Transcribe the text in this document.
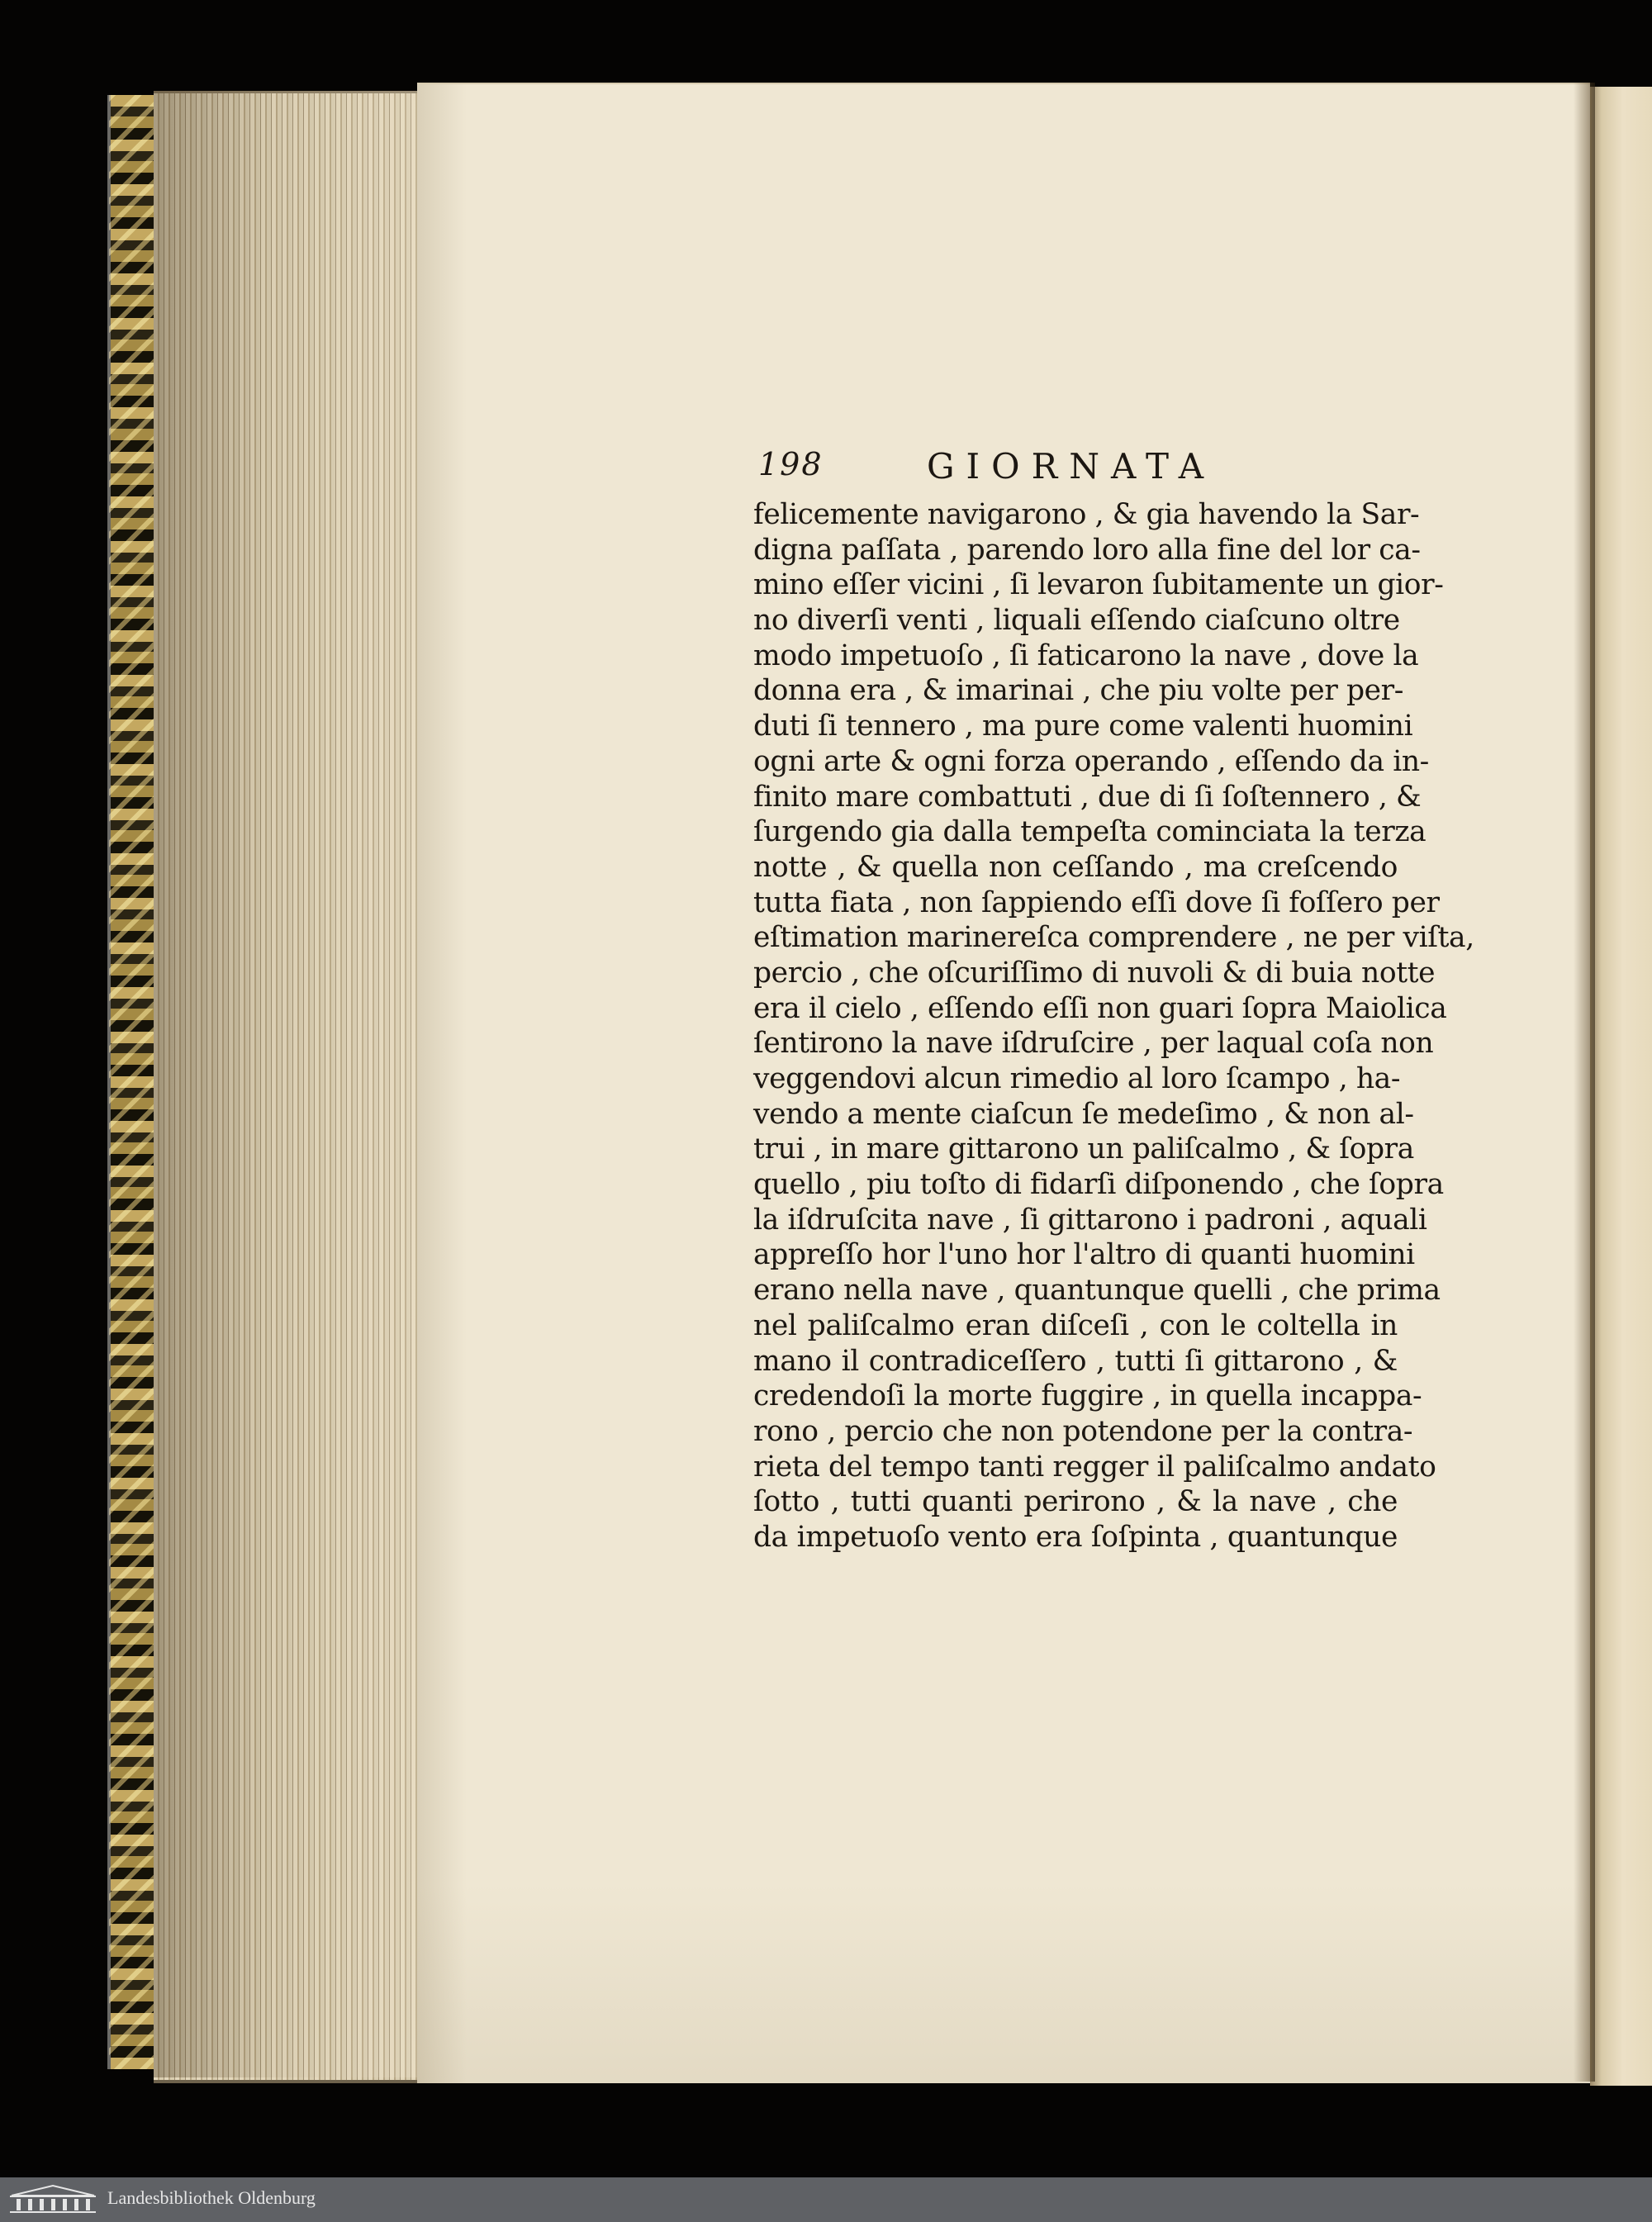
198	GIORNATA
felicemente navigarono , & gia havendo la Sar-
digna paſſata , parendo loro alla fine del lor ca-
mino eſſer vicini , ſi levaron ſubitamente un gior-
no diverſi venti , liquali eſſendo ciaſcuno oltre
modo impetuoſo , ſi faticarono la nave , dove la
donna era , & imarinai , che piu volte per per-
duti ſi tennero , ma pure come valenti huomini
ogni arte & ogni forza operando , eſſendo da in-
finito mare combattuti , due di ſi ſoſtennero , &
ſurgendo gia dalla tempeſta cominciata la terza
notte , & quella non ceſſando , ma creſcendo
tutta fiata , non ſappiendo eſſi dove ſi foſſero per
eſtimation marinereſca comprendere , ne per viſta,
percio , che oſcuriſſimo di nuvoli & di buia notte
era il cielo , eſſendo eſſi non guari ſopra Maiolica
ſentirono la nave iſdruſcire , per laqual coſa non
veggendovi alcun rimedio al loro ſcampo , ha-
vendo a mente ciaſcun ſe medeſimo , & non al-
trui , in mare gittarono un paliſcalmo , & ſopra
quello , piu toſto di fidarſi diſponendo , che ſopra
la iſdruſcita nave , ſi gittarono i padroni , aquali
appreſſo hor l'uno hor l'altro di quanti huomini
erano nella nave , quantunque quelli , che prima
nel paliſcalmo eran diſceſi , con le coltella in
mano il contradiceſſero , tutti ſi gittarono , &
credendoſi la morte fuggire , in quella incappa-
rono , percio che non potendone per la contra-
rieta del tempo tanti regger il paliſcalmo andato
ſotto , tutti quanti perirono , & la nave , che
da impetuoſo vento era ſoſpinta , quantunque
Landesbibliothek Oldenburg
